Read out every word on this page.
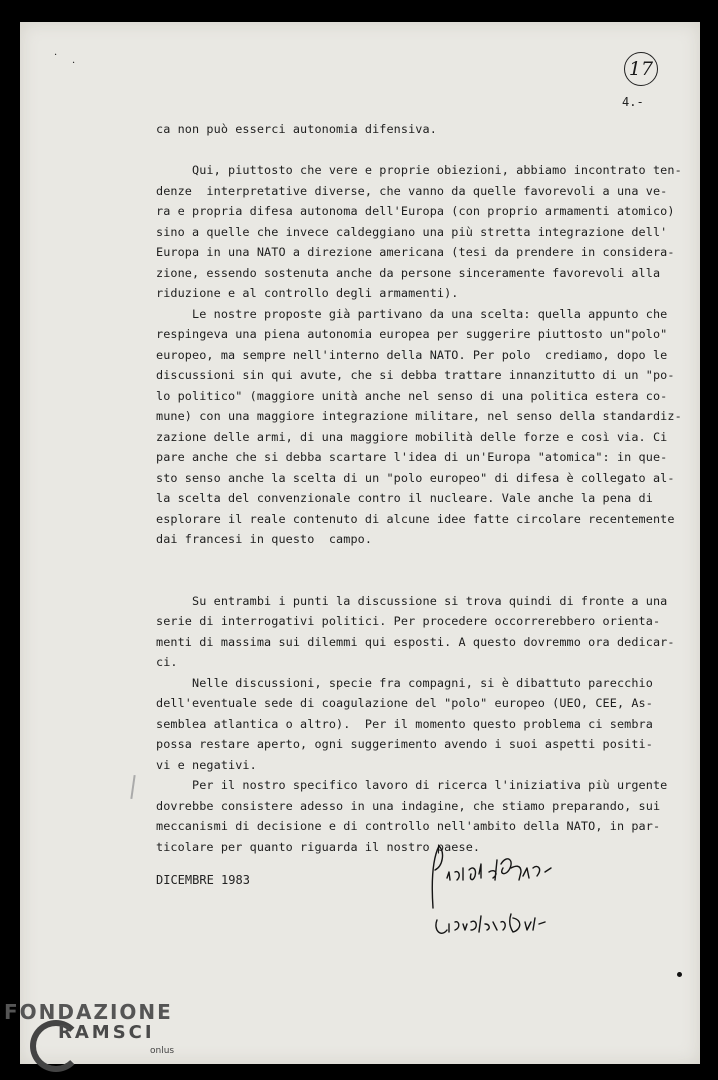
·
·	17
4.-
ca non può esserci autonomia difensiva.
Qui, piuttosto che vere e proprie obiezioni, abbiamo incontrato ten-
denze  interpretative diverse, che vanno da quelle favorevoli a una ve-
ra e propria difesa autonoma dell'Europa (con proprio armamenti atomico)
sino a quelle che invece caldeggiano una più stretta integrazione dell'
Europa in una NATO a direzione americana (tesi da prendere in considera-
zione, essendo sostenuta anche da persone sinceramente favorevoli alla
riduzione e al controllo degli armamenti).
Le nostre proposte già partivano da una scelta: quella appunto che
respingeva una piena autonomia europea per suggerire piuttosto un"polo"
europeo, ma sempre nell'interno della NATO. Per polo  crediamo, dopo le
discussioni sin qui avute, che si debba trattare innanzitutto di un "po-
lo politico" (maggiore unità anche nel senso di una politica estera co-
mune) con una maggiore integrazione militare, nel senso della standardiz-
zazione delle armi, di una maggiore mobilità delle forze e così via. Ci
pare anche che si debba scartare l'idea di un'Europa "atomica": in que-
sto senso anche la scelta di un "polo europeo" di difesa è collegato al-
la scelta del convenzionale contro il nucleare. Vale anche la pena di
esplorare il reale contenuto di alcune idee fatte circolare recentemente
dai francesi in questo  campo.
Su entrambi i punti la discussione si trova quindi di fronte a una
serie di interrogativi politici. Per procedere occorrerebbero orienta-
menti di massima sui dilemmi qui esposti. A questo dovremmo ora dedicar-
ci.
Nelle discussioni, specie fra compagni, si è dibattuto parecchio
dell'eventuale sede di coagulazione del "polo" europeo (UEO, CEE, As-
semblea atlantica o altro).  Per il momento questo problema ci sembra
possa restare aperto, ogni suggerimento avendo i suoi aspetti positi-
vi e negativi.
Per il nostro specifico lavoro di ricerca l'iniziativa più urgente
dovrebbe consistere adesso in una indagine, che stiamo preparando, sui
meccanismi di decisione e di controllo nell'ambito della NATO, in par-
ticolare per quanto riguarda il nostro paese.
DICEMBRE 1983
FONDAZIONE
RAMSCI
onlus
